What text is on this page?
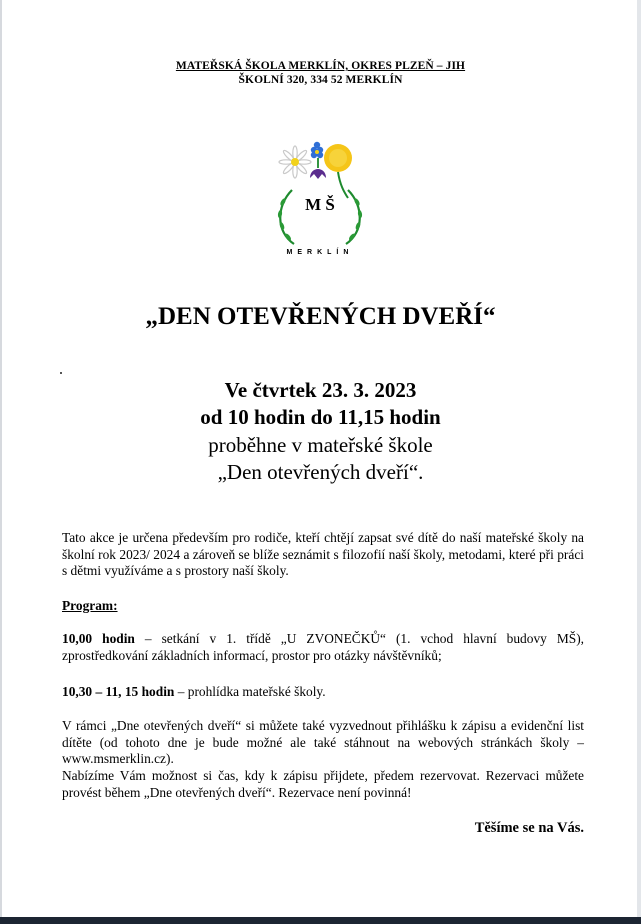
MATEŘSKÁ ŠKOLA MERKLÍN, OKRES PLZEŇ – JIH
ŠKOLNÍ 320, 334 52 MERKLÍN
M Š
MERKLÍN
„DEN OTEVŘENÝCH DVEŘÍ“
Ve čtvrtek 23. 3. 2023
od 10 hodin do 11,15 hodin
proběhne v mateřské škole
„Den otevřených dveří“.
Tato akce je určena především pro rodiče, kteří chtějí zapsat své dítě do naší mateřské školy na školní rok 2023/ 2024 a zároveň se blíže seznámit s filozofií naší školy, metodami, které při práci s dětmi využíváme a s prostory naší školy.
Program:
10,00 hodin – setkání v 1. třídě „U ZVONEČKŮ“ (1. vchod hlavní budovy MŠ), zprostředkování základních informací, prostor pro otázky návštěvníků;
10,30 – 11, 15 hodin – prohlídka mateřské školy.
V rámci „Dne otevřených dveří“ si můžete také vyzvednout přihlášku k zápisu a evidenční list dítěte (od tohoto dne je bude možné ale také stáhnout na webových stránkách školy – www.msmerklin.cz).
Nabízíme Vám možnost si čas, kdy k zápisu přijdete, předem rezervovat. Rezervaci můžete provést během „Dne otevřených dveří“. Rezervace není povinná!
Těšíme se na Vás.
